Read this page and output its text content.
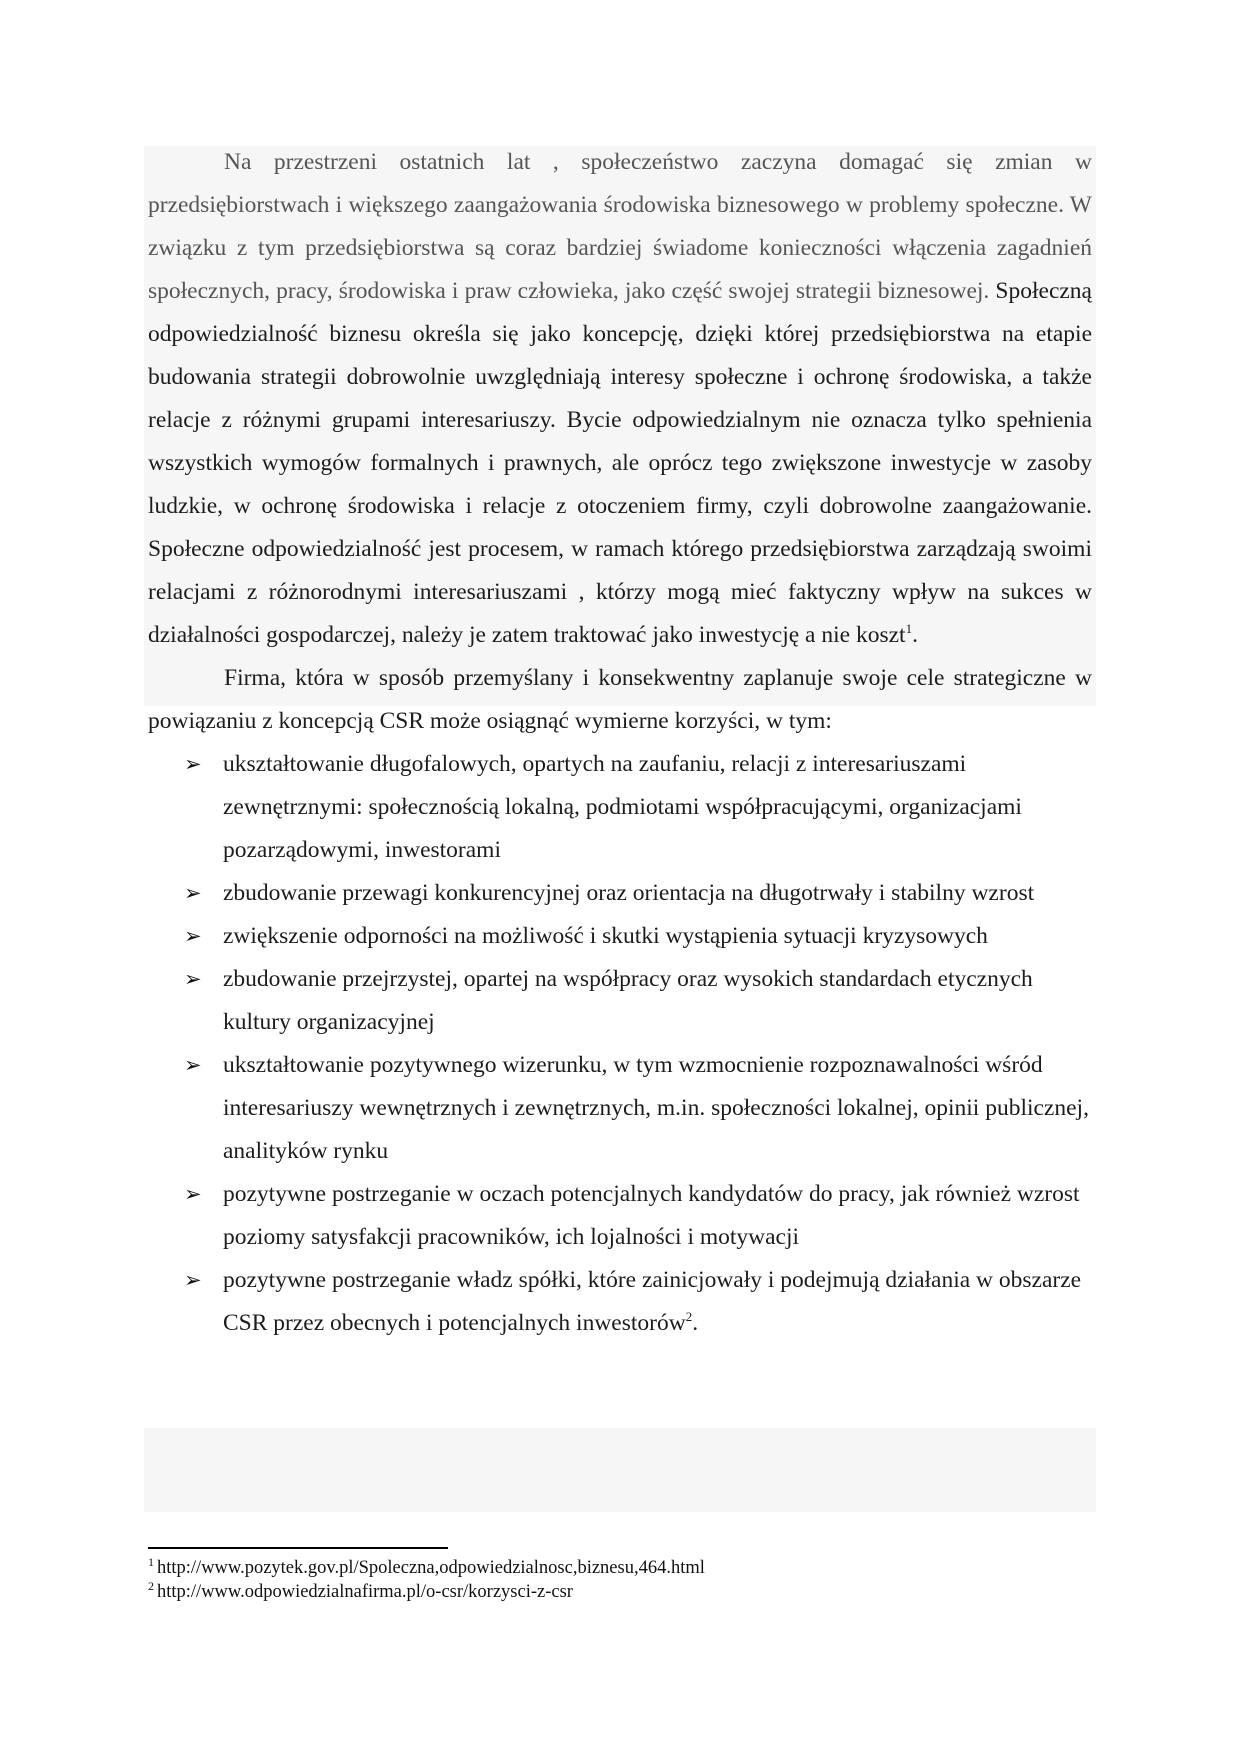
Na przestrzeni ostatnich lat , społeczeństwo zaczyna domagać się zmian w przedsiębiorstwach i większego zaangażowania środowiska biznesowego w problemy społeczne. W związku z tym przedsiębiorstwa są coraz bardziej świadome konieczności włączenia zagadnień społecznych, pracy, środowiska i praw człowieka, jako część swojej strategii biznesowej. Społeczną odpowiedzialność biznesu określa się jako koncepcję, dzięki której przedsiębiorstwa na etapie budowania strategii dobrowolnie uwzględniają interesy społeczne i ochronę środowiska, a także relacje z różnymi grupami interesariuszy. Bycie odpowiedzialnym nie oznacza tylko spełnienia wszystkich wymogów formalnych i prawnych, ale oprócz tego zwiększone inwestycje w zasoby ludzkie, w ochronę środowiska i relacje z otoczeniem firmy, czyli dobrowolne zaangażowanie. Społeczne odpowiedzialność jest procesem, w ramach którego przedsiębiorstwa zarządzają swoimi relacjami z różnorodnymi interesariuszami , którzy mogą mieć faktyczny wpływ na sukces w działalności gospodarczej, należy je zatem traktować jako inwestycję a nie koszt$^1$.

Firma, która w sposób przemyślany i konsekwentny zaplanuje swoje cele strategiczne w powiązaniu z koncepcją CSR może osiągnąć wymierne korzyści, w tym:

➢ ukształtowanie długofalowych, opartych na zaufaniu, relacji z interesariuszami zewnętrznymi: społecznością lokalną, podmiotami współpracującymi, organizacjami pozarządowymi, inwestorami
➢ zbudowanie przewagi konkurencyjnej oraz orientacja na długotrwały i stabilny wzrost
➢ zwiększenie odporności na możliwość i skutki wystąpienia sytuacji kryzysowych
➢ zbudowanie przejrzystej, opartej na współpracy oraz wysokich standardach etycznych kultury organizacyjnej
➢ ukształtowanie pozytywnego wizerunku, w tym wzmocnienie rozpoznawalności wśród interesariuszy wewnętrznych i zewnętrznych, m.in. społeczności lokalnej, opinii publicznej, analityków rynku
➢ pozytywne postrzeganie w oczach potencjalnych kandydatów do pracy, jak również wzrost poziomy satysfakcji pracowników, ich lojalności i motywacji
➢ pozytywne postrzeganie władz spółki, które zainicjowały i podejmują działania w obszarze CSR przez obecnych i potencjalnych inwestorów$^2$.

$^1$ http://www.pozytek.gov.pl/Spoleczna,odpowiedzialnosc,biznesu,464.html

$^2$ http://www.odpowiedzialnafirma.pl/o-csr/korzysci-z-csr
